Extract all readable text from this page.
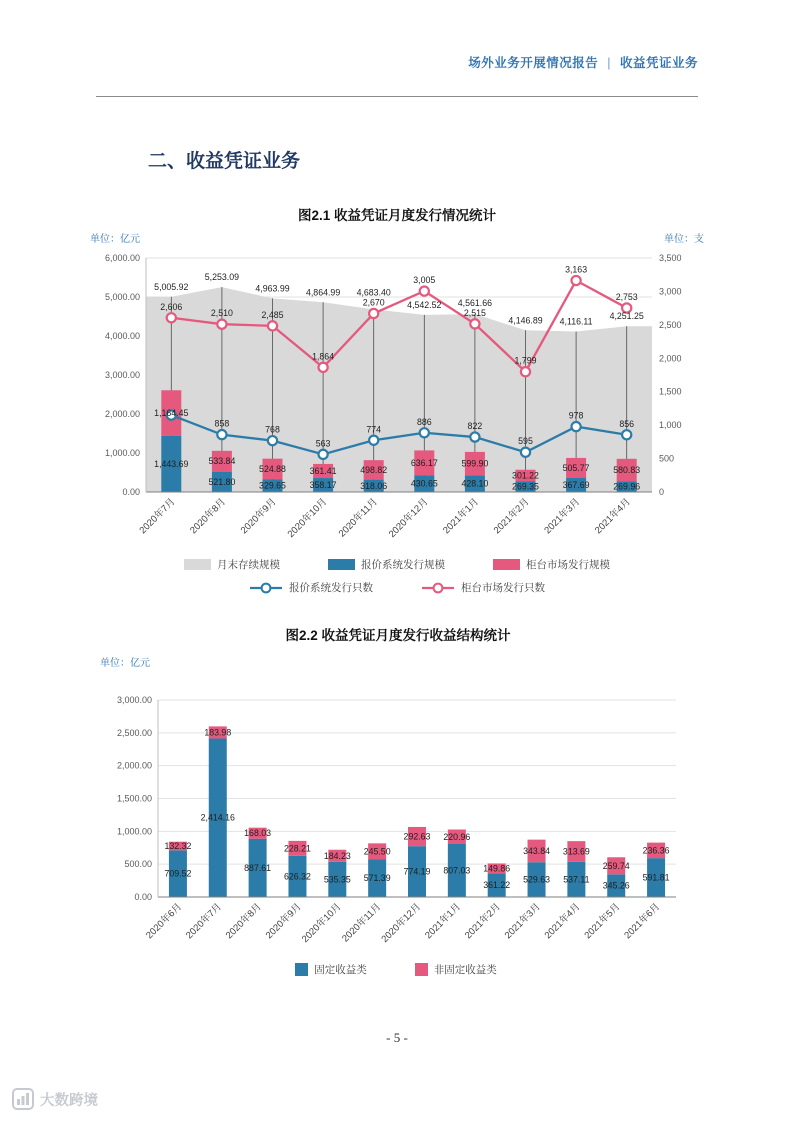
场外业务开展情况报告 | 收益凭证业务
二、收益凭证业务
图2.1 收益凭证月度发行情况统计
0.00
1,000.00
2,000.00
3,000.00
4,000.00
5,000.00
6,000.00
0
500
1,000
1,500
2,000
2,500
3,000
3,500
2020年7月 2020年8月 2020年9月 2020年10月 2020年11月 2020年12月 2021年1月 2021年2月 2021年3月 2021年4月
5,005.92
5,253.09
4,963.99 4,864.99 4,683.40
4,542.52 4,561.66
4,146.89 4,116.11
4,251.25
1,443.69
521.80	329.65	358.17	318.06	430.65	428.10	269.35	367.69	269.96
1,164.45
533.84
524.88	361.41	498.82
636.17	599.90
301.22
505.77	580.83
858
768
563
774
886	822
595
978
856
2,606
2,510	2,485
1,864
2,670
3,005
2,515
1,799
3,163
2,753
单位：亿元	单位：支
月末存续规模	报价系统发行规模	柜台市场发行规模
报价系统发行只数	柜台市场发行只数
图2.2 收益凭证月度发行收益结构统计
0.00
500.00
1,000.00
1,500.00
2,000.00
2,500.00
3,000.00
2020年6月 2020年7月 2020年8月 2020年9月
2020年10月
2020年11月
2020年12月 2021年1月 2021年2月 2021年3月 2021年4月 2021年5月 2021年6月
709.52
2,414.16
887.61
626.32 535.35 571.39
774.19 807.03
361.22
529.63 537.11
345.26
591.81
132.32
183.98
168.03
228.21
184.23 245.50
292.63 220.96
149.86
343.84 313.69
259.74
236.36
单位：亿元
固定收益类	非固定收益类
- 5 -
大数跨境
